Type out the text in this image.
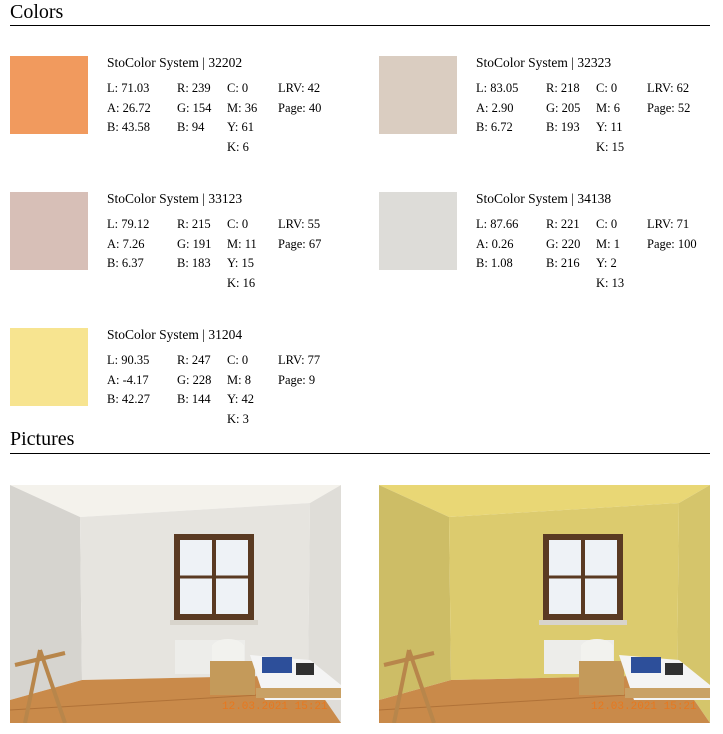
Colors
StoColor System | 32202
L: 71.03
A: 26.72
B: 43.58
R: 239
G: 154
B: 94
C: 0
M: 36
Y: 61
K: 6
LRV: 42
Page: 40
StoColor System | 32323
L: 83.05
A: 2.90
B: 6.72
R: 218
G: 205
B: 193
C: 0
M: 6
Y: 11
K: 15
LRV: 62
Page: 52
StoColor System | 33123
L: 79.12
A: 7.26
B: 6.37
R: 215
G: 191
B: 183
C: 0
M: 11
Y: 15
K: 16
LRV: 55
Page: 67
StoColor System | 34138
L: 87.66
A: 0.26
B: 1.08
R: 221
G: 220
B: 216
C: 0
M: 1
Y: 2
K: 13
LRV: 71
Page: 100
StoColor System | 31204
L: 90.35
A: -4.17
B: 42.27
R: 247
G: 228
B: 144
C: 0
M: 8
Y: 42
K: 3
LRV: 77
Page: 9
Pictures
12.03.2021 15:21	12.03.2021 15:21
